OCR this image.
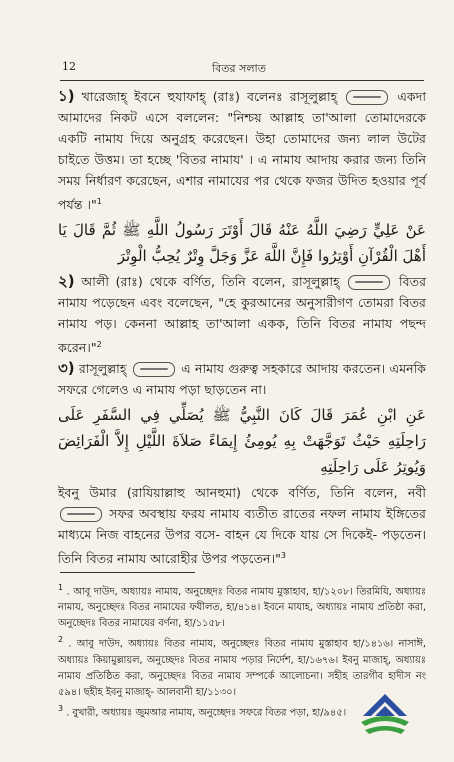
12	বিতর সলাত

১) খারেজাহ্ ইবনে হুযাফাহ্ (রাঃ) বলেনঃ রাসূলুল্লাহ্	একদা আমাদের নিকট এসে বললেন: "নিশ্চয় আল্লাহ তা'আলা তোমাদেরকে একটি নামায দিয়ে অনুগ্রহ করেছেন। উহা তোমাদের জন্য লাল উটের চাইতে উত্তম। তা হচ্ছে 'বিতর নামায' । এ নামায আদায় করার জন্য তিনি সময় নির্ধারণ করেছেন, এশার নামাযের পর থেকে ফজর উদিত হওয়ার পূর্ব পর্যন্ত ।"$^1$

عَنْ عَلِيٍّ رَضِيَ اللَّهُ عَنْهُ قَالَ أَوْتَرَ رَسُولُ اللَّهِ ﷺ ثُمَّ قَالَ يَا أَهْلَ الْقُرْآنِ أَوْتِرُوا فَإِنَّ اللَّهَ عَزَّ وَجَلَّ وِتْرٌ يُحِبُّ الْوِتْرَ

২) আলী (রাঃ) থেকে বর্ণিত, তিনি বলেন, রাসূলুল্লাহ্	বিতর নামায পড়েছেন এবং বলেছেন, "হে কুরআনের অনুসারীগণ তোমরা বিতর নামায পড়। কেননা আল্লাহ তা'আলা একক, তিনি বিতর নামায পছন্দ করেন।"$^2$

৩) রাসূলুল্লাহ্	এ নামায গুরুত্ব সহকারে আদায় করতেন। এমনকি সফরে গেলেও এ নামায পড়া ছাড়তেন না।

عَنِ ابْنِ عُمَرَ قَالَ كَانَ النَّبِيُّ ﷺ يُصَلِّي فِي السَّفَرِ عَلَى رَاحِلَتِهِ حَيْثُ تَوَجَّهَتْ بِهِ يُومِئُ إِيمَاءً صَلاَةَ اللَّيْلِ إِلاَّ الْفَرَائِضَ وَيُوتِرُ عَلَى رَاحِلَتِهِ

ইবনু উমার (রাযিয়াল্লাহু আনহুমা) থেকে বর্ণিত, তিনি বলেন, নবী  সফর অবস্থায় ফরয নামায ব্যতীত রাতের নফল নামায ইঙ্গিতের মাধ্যমে নিজ বাহনের উপর বসে- বাহন যে দিকে যায় সে দিকেই- পড়তেন। তিনি বিতর নামায আরোহীর উপর পড়তেন।"$^3$

$^1$ . আবূ দাউদ, অধ্যায়ঃ নামায, অনুচ্ছেদঃ বিতর নামায মুস্তাহাব, হা/১২০৮। তিরমিযি, অধ্যায়ঃ নামায, অনুচ্ছেদঃ বিতর নামাযের ফযীলত, হা/৪১৪। ইবনে মাযাহ, অধ্যায়ঃ নামায প্রতিষ্ঠা করা, অনুচ্ছেদঃ বিতর নামাযের বর্ণনা, হা/১১৫৮।

$^2$ . আবু দাউদ, অধ্যায়ঃ বিতর নামায, অনুচ্ছেদঃ বিতর নামায মুস্তাহাব হা/১৪১৬। নাসাঈ, অধ্যায়ঃ কিয়ামুল্লায়ল, অনুচ্ছেদঃ বিতর নামায পড়ার নির্দেশ, হা/১৬৭৬। ইবনু মাজাহ্, অধ্যায়ঃ নামায প্রতিষ্ঠিত করা, অনুচ্ছেদঃ বিতর নামায সম্পর্কে আলোচনা। সহীহ তারগীব হাদীস নং ৫৯৪। ছহীহ ইবনু মাজাহ্- আলবানী হা/১১৩০।

$^3$ . বুখারী, অধ্যায়ঃ জুমআর নামায, অনুচ্ছেদঃ সফরে বিতর পড়া, হা/৯৪৫।
